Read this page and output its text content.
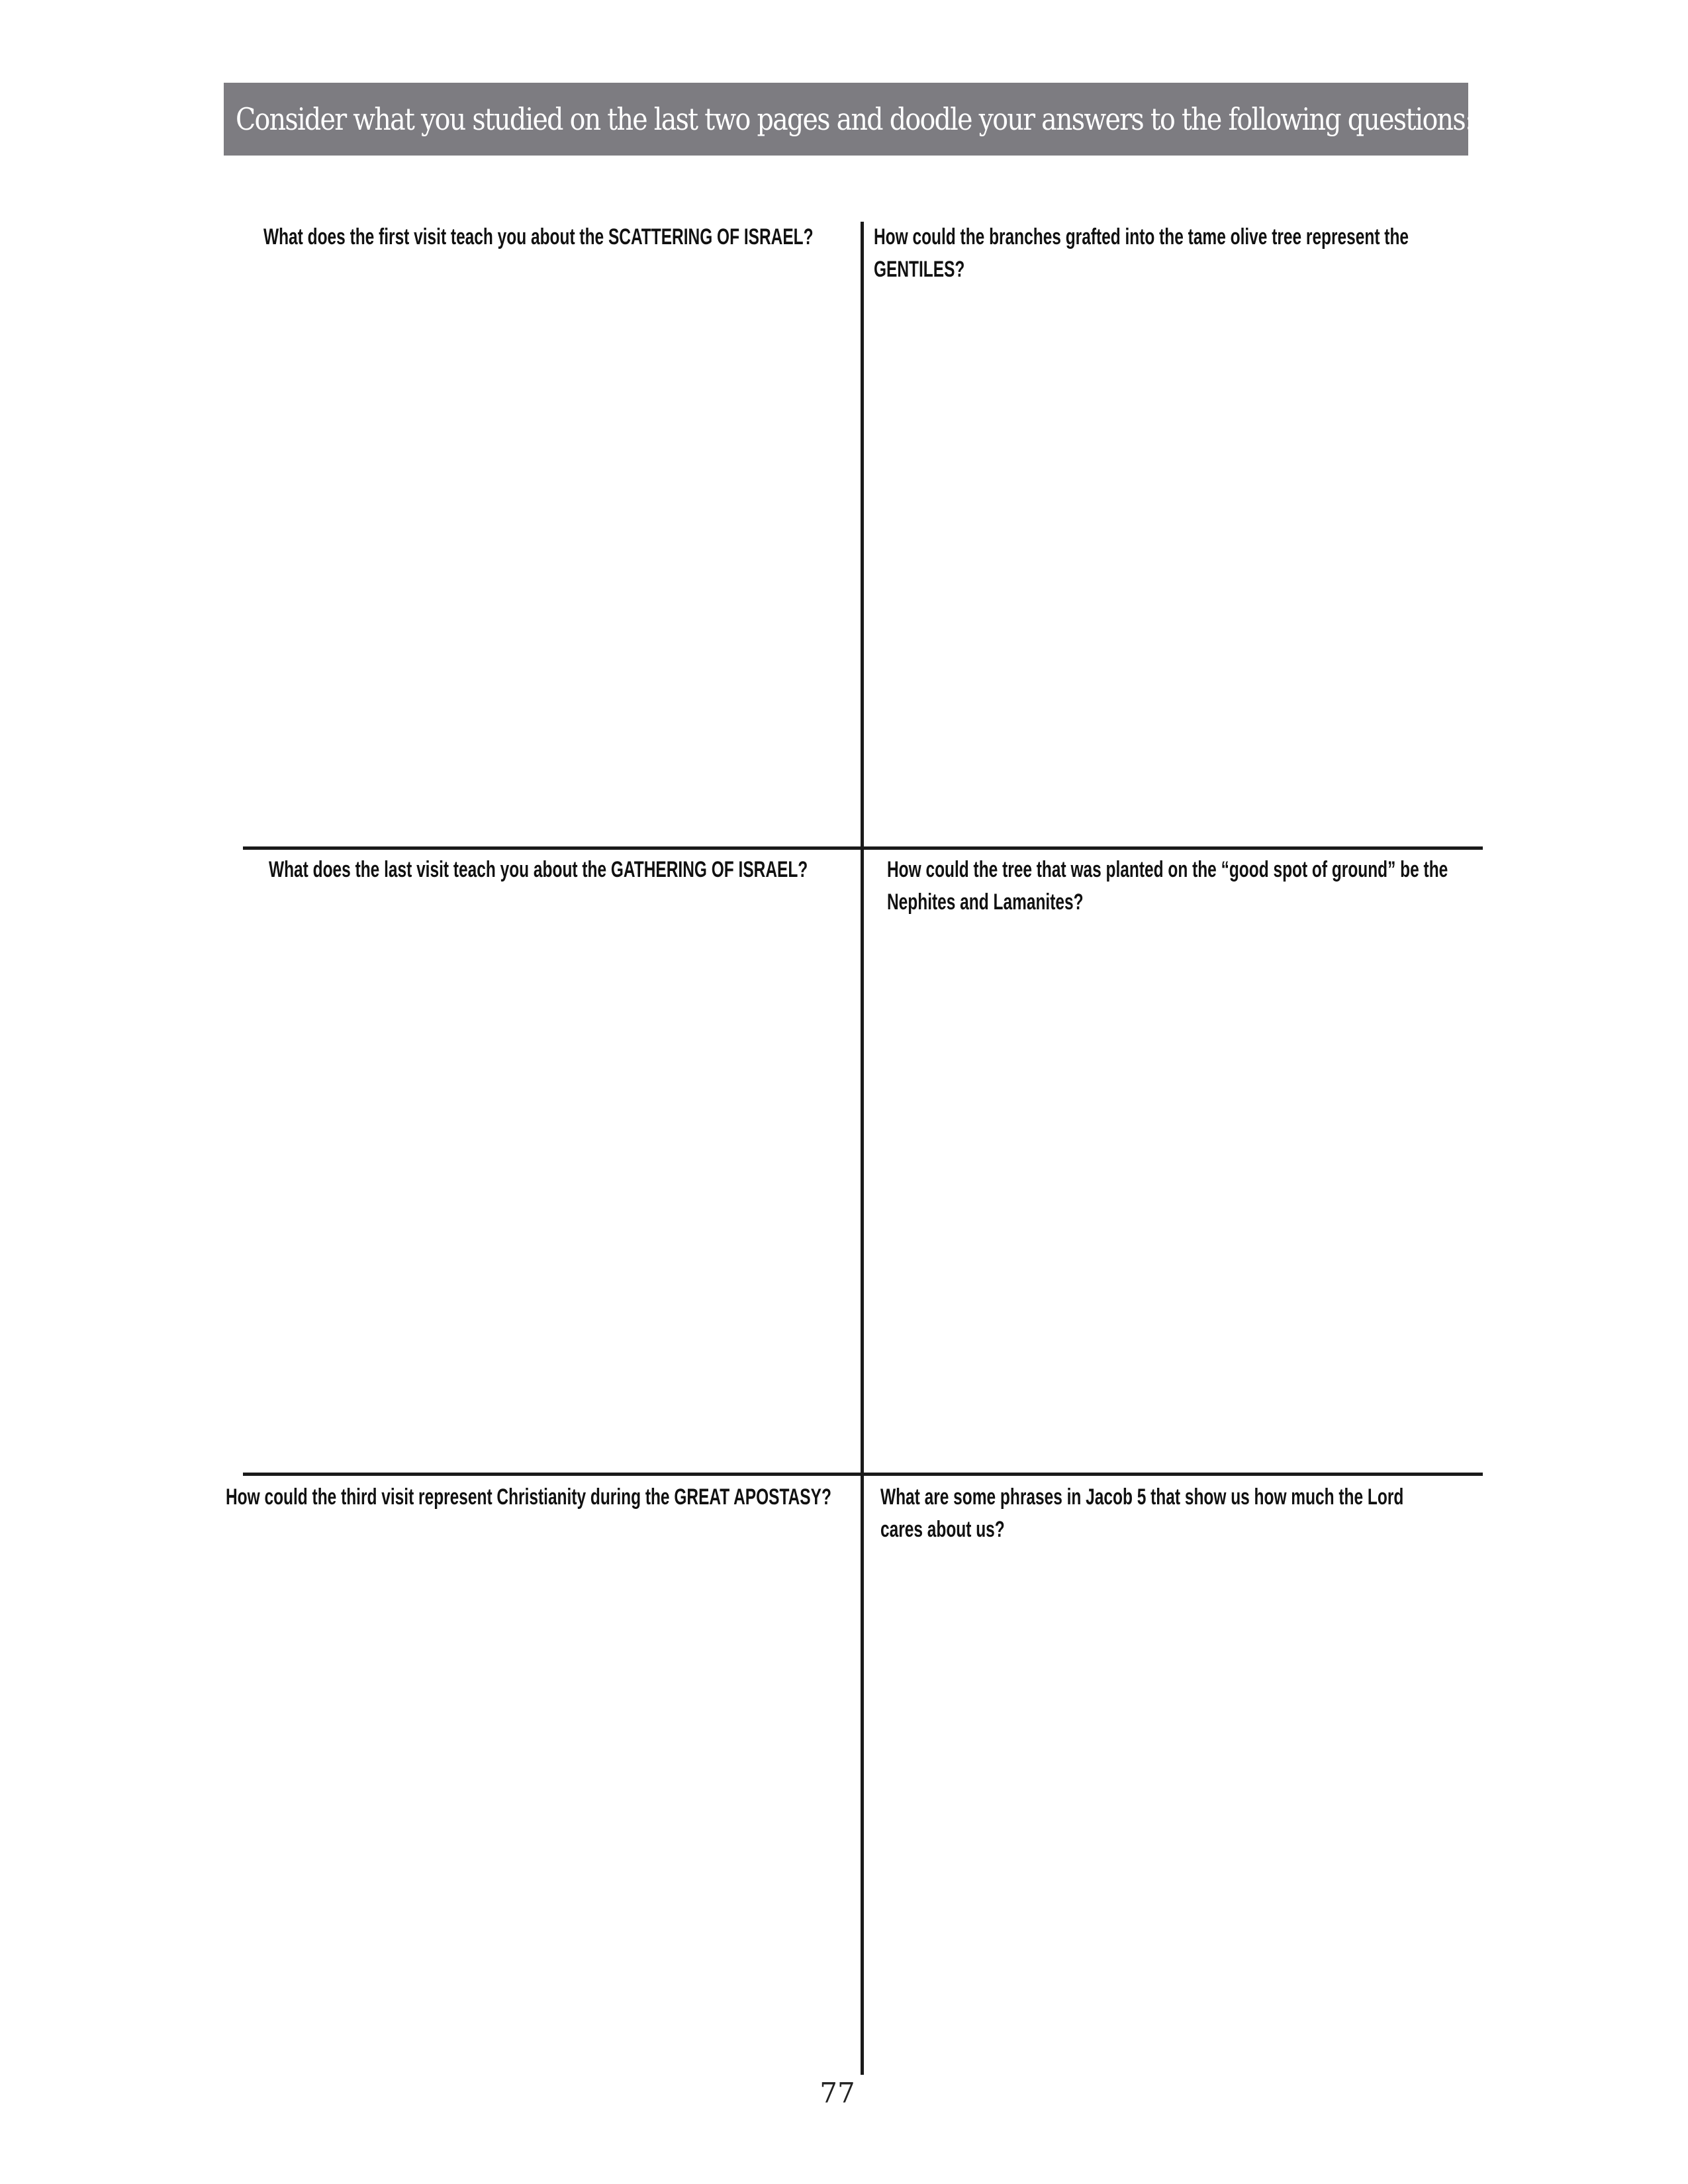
Consider what you studied on the last two pages and doodle your answers to the following questions:
What does the first visit teach you about the SCATTERING OF ISRAEL?	How could the branches grafted into the tame olive tree represent the
GENTILES?
What does the last visit teach you about the GATHERING OF ISRAEL?	How could the tree that was planted on the “good spot of ground” be the
Nephites and Lamanites?
How could the third visit represent Christianity during the GREAT APOSTASY? What are some phrases in Jacob 5 that show us how much the Lord
cares about us?
77
